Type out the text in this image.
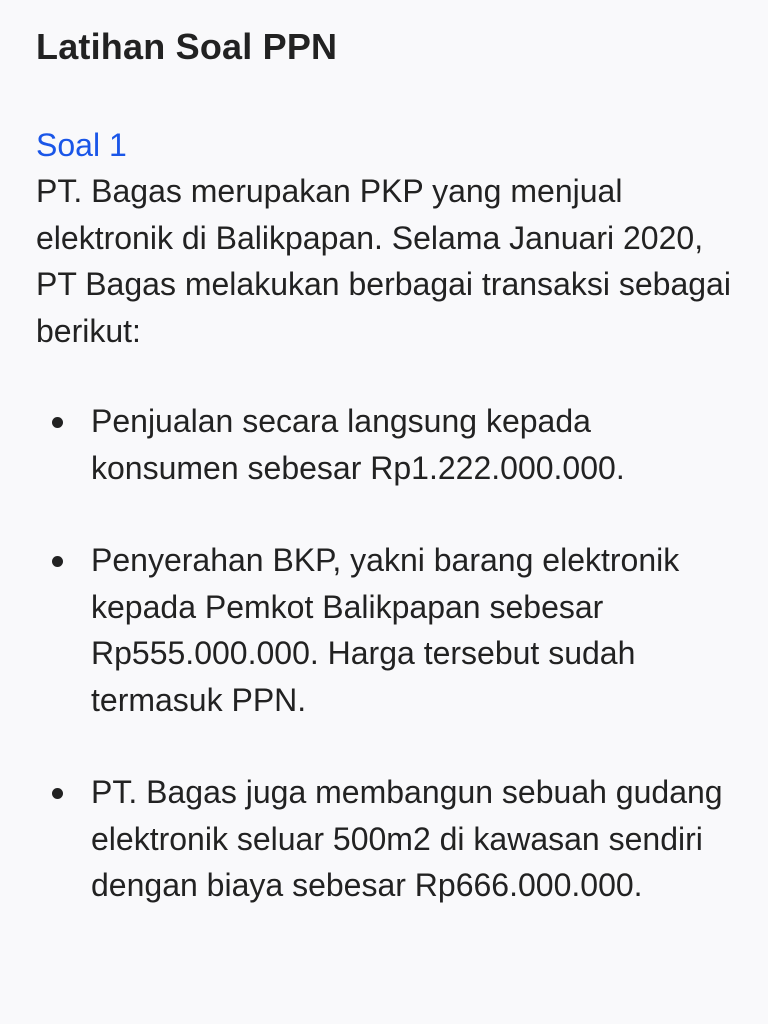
Latihan Soal PPN
Soal 1

PT. Bagas merupakan PKP yang menjual elektronik di Balikpapan. Selama Januari 2020, PT Bagas melakukan berbagai transaksi sebagai berikut:

Penjualan secara langsung kepada konsumen sebesar Rp1.222.000.000.
Penyerahan BKP, yakni barang elektronik kepada Pemkot Balikpapan sebesar Rp555.000.000. Harga tersebut sudah termasuk PPN.
PT. Bagas juga membangun sebuah gudang elektronik seluar 500m2 di kawasan sendiri dengan biaya sebesar Rp666.000.000.
